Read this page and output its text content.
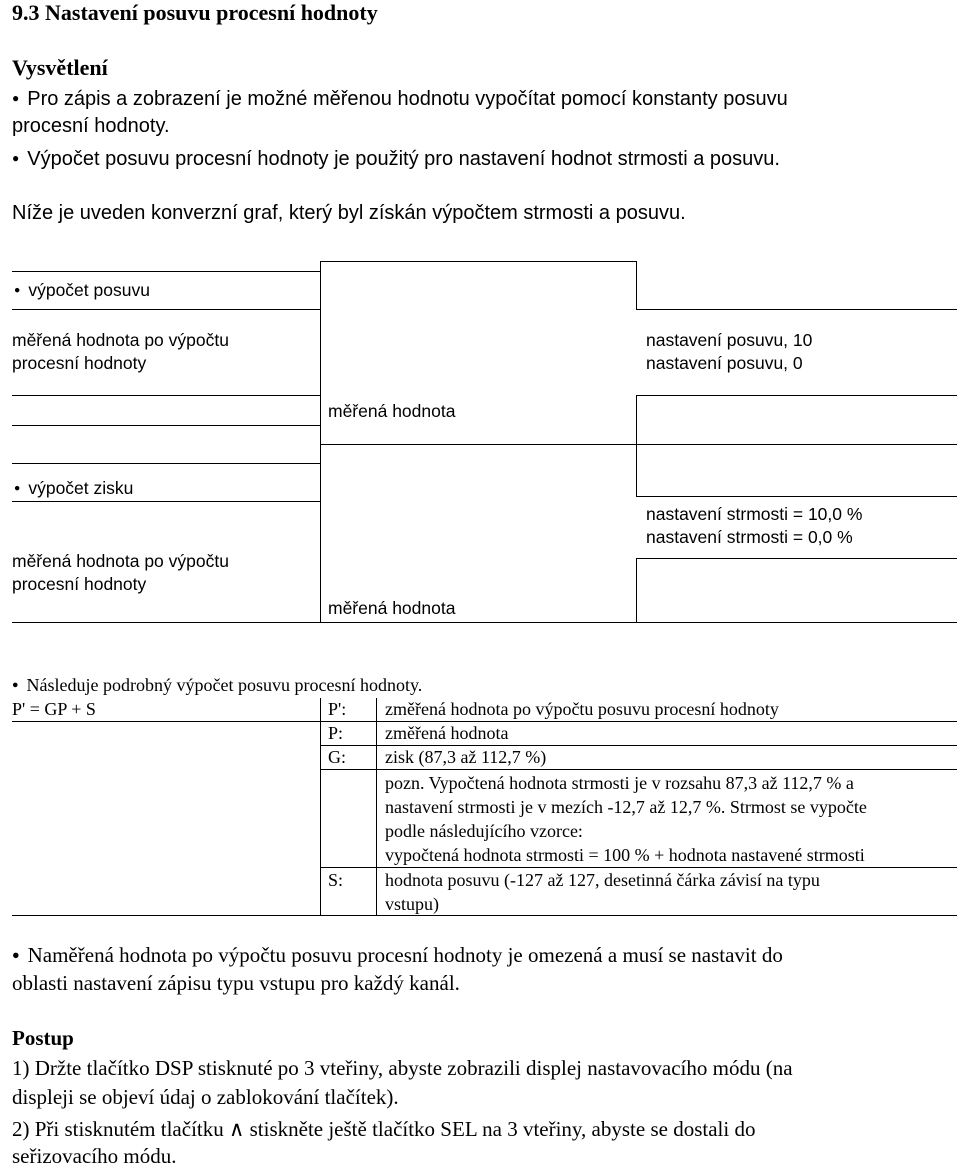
9.3 Nastavení posuvu procesní hodnoty
Vysvětlení
● Pro zápis a zobrazení je možné měřenou hodnotu vypočítat pomocí konstanty posuvu
procesní hodnoty.
● Výpočet posuvu procesní hodnoty je použitý pro nastavení hodnot strmosti a posuvu.
Níže je uveden konverzní graf, který byl získán výpočtem strmosti a posuvu.
● výpočet posuvu
měřená hodnota po výpočtu
procesní hodnoty
nastavení posuvu, 10
nastavení posuvu, 0
měřená hodnota
● výpočet zisku
nastavení strmosti = 10,0 %
nastavení strmosti = 0,0 %
měřená hodnota po výpočtu
procesní hodnoty
měřená hodnota
● Následuje podrobný výpočet posuvu procesní hodnoty.
P' = GP + S	P': změřená hodnota po výpočtu posuvu procesní hodnoty
P: změřená hodnota
G: zisk (87,3 až 112,7 %)
pozn. Vypočtená hodnota strmosti je v rozsahu 87,3 až 112,7 % a
nastavení strmosti je v mezích -12,7 až 12,7 %. Strmost se vypočte
podle následujícího vzorce:
vypočtená hodnota strmosti = 100 % + hodnota nastavené strmosti
S: hodnota posuvu (-127 až 127, desetinná čárka závisí na typu
vstupu)
● Naměřená hodnota po výpočtu posuvu procesní hodnoty je omezená a musí se nastavit do
oblasti nastavení zápisu typu vstupu pro každý kanál.
Postup
1) Držte tlačítko DSP stisknuté po 3 vteřiny, abyste zobrazili displej nastavovacího módu (na
displeji se objeví údaj o zablokování tlačítek).
2) Při stisknutém tlačítku ∧ stiskněte ještě tlačítko SEL na 3 vteřiny, abyste se dostali do
seřizovacího módu.
